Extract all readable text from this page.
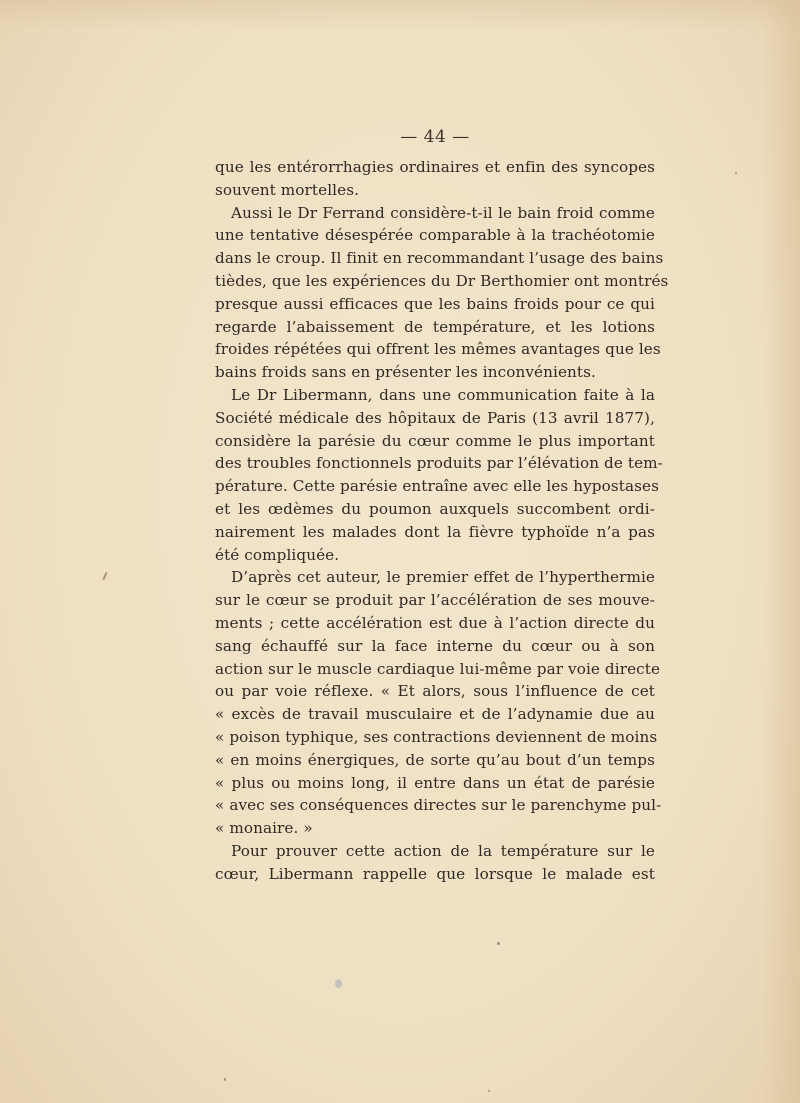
— 44 —
que les entérorrhagies ordinaires et enfin des syncopes
souvent mortelles.
Aussi le Dr Ferrand considère-t-il le bain froid comme
une tentative désespérée comparable à la trachéotomie
dans le croup. Il finit en recommandant l’usage des bains
tièdes, que les expériences du Dr Berthomier ont montrés
presque aussi efficaces que les bains froids pour ce qui
regarde l’abaissement de température, et les lotions
froides répétées qui offrent les mêmes avantages que les
bains froids sans en présenter les inconvénients.
Le Dr Libermann, dans une communication faite à la
Société médicale des hôpitaux de Paris (13 avril 1877),
considère la parésie du cœur comme le plus important
des troubles fonctionnels produits par l’élévation de tem-
pérature. Cette parésie entraîne avec elle les hypostases
et les œdèmes du poumon auxquels succombent ordi-
nairement les malades dont la fièvre typhoïde n’a pas
été compliquée.
D’après cet auteur, le premier effet de l’hyperthermie
sur le cœur se produit par l’accélération de ses mouve-
ments ; cette accélération est due à l’action directe du
sang échauffé sur la face interne du cœur ou à son
action sur le muscle cardiaque lui-même par voie directe
ou par voie réflexe. « Et alors, sous l’influence de cet
« excès de travail musculaire et de l’adynamie due au
« poison typhique, ses contractions deviennent de moins
« en moins énergiques, de sorte qu’au bout d’un temps
« plus ou moins long, il entre dans un état de parésie
« avec ses conséquences directes sur le parenchyme pul-
« monaire. »
Pour prouver cette action de la température sur le
cœur, Libermann rappelle que lorsque le malade est
